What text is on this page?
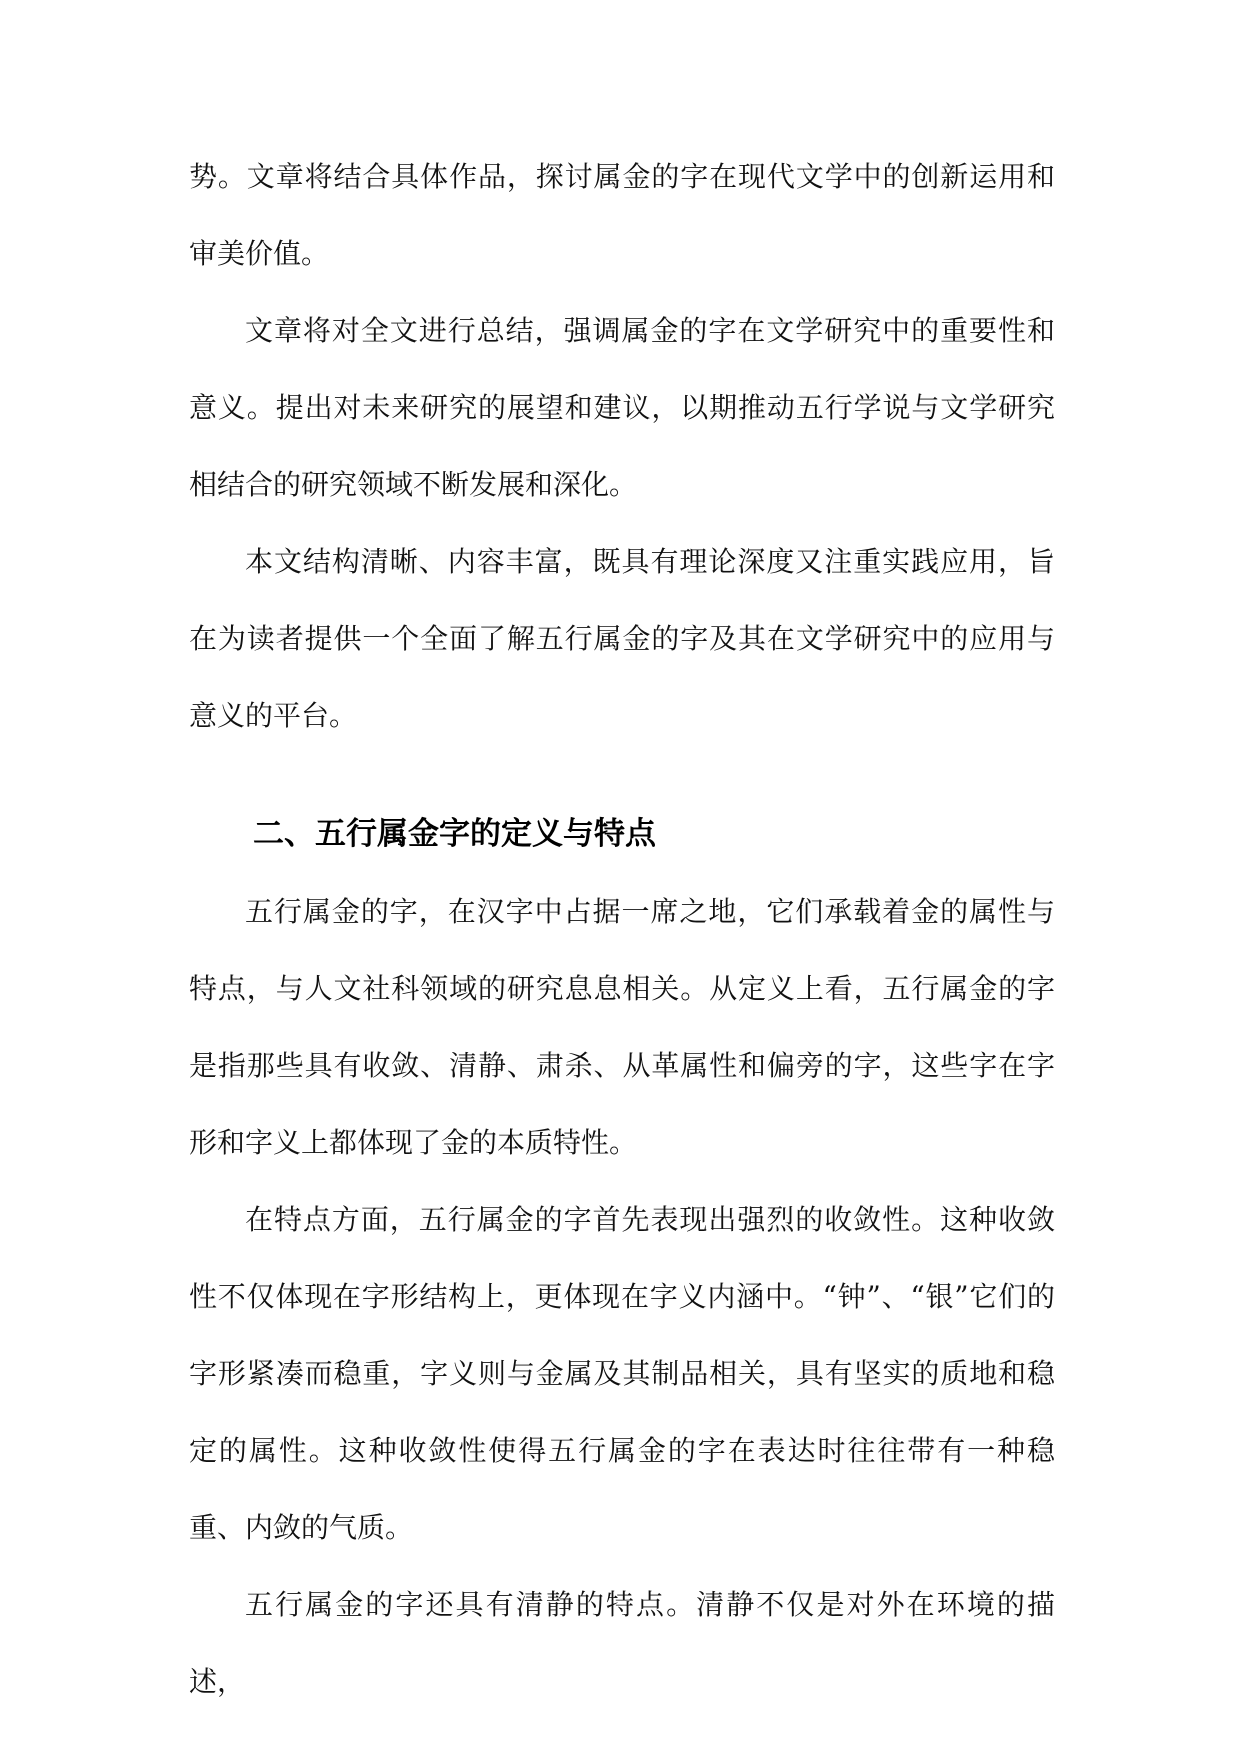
势。文章将结合具体作品，探讨属金的字在现代文学中的创新运用和审美价值。

文章将对全文进行总结，强调属金的字在文学研究中的重要性和意义。提出对未来研究的展望和建议，以期推动五行学说与文学研究相结合的研究领域不断发展和深化。

本文结构清晰、内容丰富，既具有理论深度又注重实践应用，旨在为读者提供一个全面了解五行属金的字及其在文学研究中的应用与意义的平台。

二、五行属金字的定义与特点

五行属金的字，在汉字中占据一席之地，它们承载着金的属性与特点，与人文社科领域的研究息息相关。从定义上看，五行属金的字是指那些具有收敛、清静、肃杀、从革属性和偏旁的字，这些字在字形和字义上都体现了金的本质特性。

在特点方面，五行属金的字首先表现出强烈的收敛性。这种收敛性不仅体现在字形结构上，更体现在字义内涵中。“钟”、“银”它们的字形紧凑而稳重，字义则与金属及其制品相关，具有坚实的质地和稳定的属性。这种收敛性使得五行属金的字在表达时往往带有一种稳重、内敛的气质。

五行属金的字还具有清静的特点。清静不仅是对外在环境的描述，
